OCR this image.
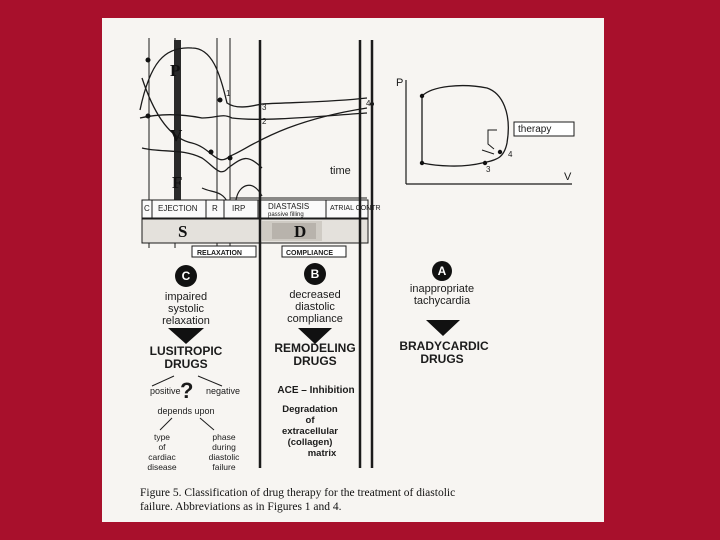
1
3
2
4
P
V
F
time
C EJECTION R IRP	DIASTASIS
passive filling
ATRIAL CONTR
S	D
RELAXATION	COMPLIANCE
P
V
therapy
3
4
C
impaired
systolic
relaxation
LUSITROPIC
DRUGS
positive ? negative
depends upon
type
of
cardiac
disease
phase
during
diastolic
failure
B
decreased
diastolic
compliance
REMODELING
DRUGS
ACE – Inhibition
Degradation
of
extracellular
(collagen)
matrix
A
inappropriate
tachycardia
BRADYCARDIC
DRUGS
Figure 5. Classification of drug therapy for the treatment of diastolic
failure. Abbreviations as in Figures 1 and 4.
